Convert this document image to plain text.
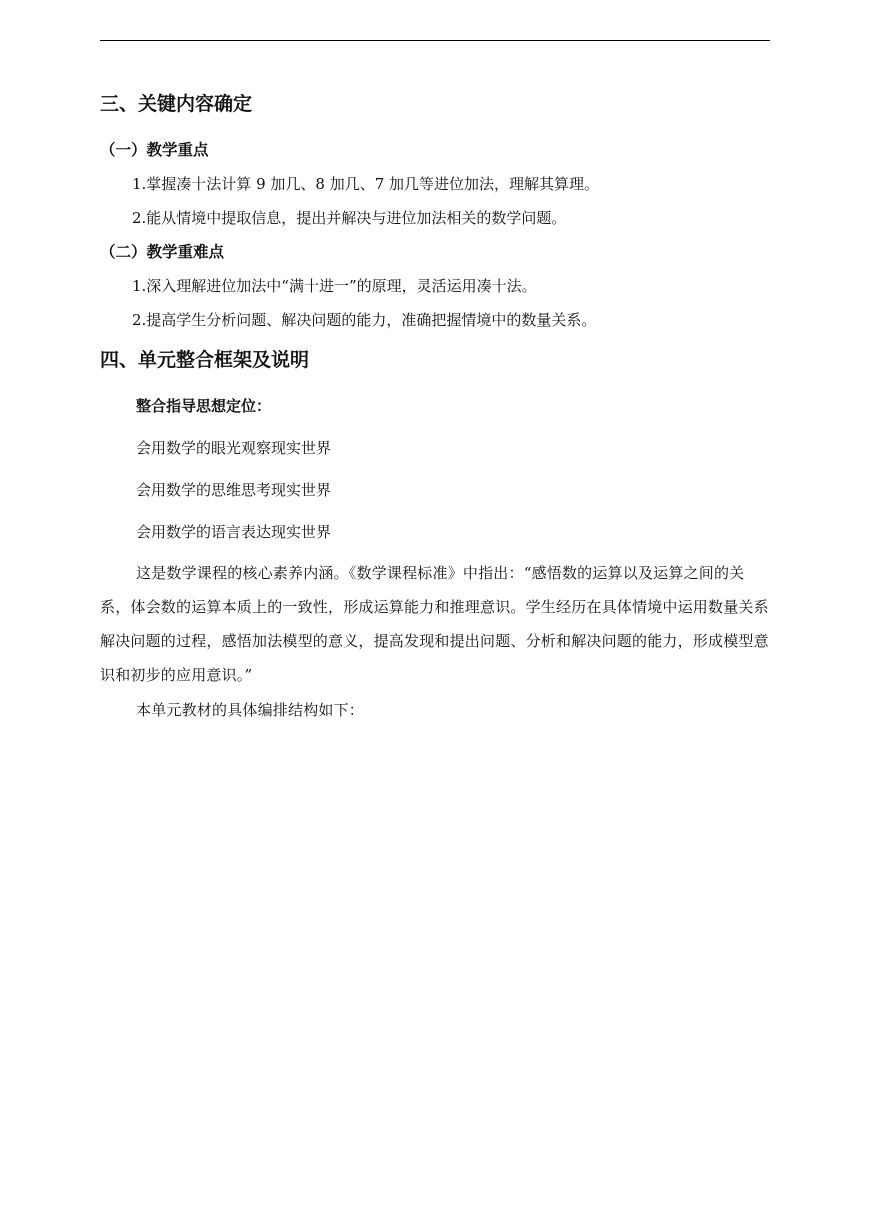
三、关键内容确定
（一）教学重点

1.掌握凑十法计算 9 加几、8 加几、7 加几等进位加法，理解其算理。

2.能从情境中提取信息，提出并解决与进位加法相关的数学问题。

（二）教学重难点

1.深入理解进位加法中“满十进一”的原理，灵活运用凑十法。

2.提高学生分析问题、解决问题的能力，准确把握情境中的数量关系。

四、单元整合框架及说明

整合指导思想定位：

会用数学的眼光观察现实世界

会用数学的思维思考现实世界

会用数学的语言表达现实世界

这是数学课程的核心素养内涵。《数学课程标准》中指出：“感悟数的运算以及运算之间的关系，体会数的运算本质上的一致性，形成运算能力和推理意识。学生经历在具体情境中运用数量关系解决问题的过程，感悟加法模型的意义，提高发现和提出问题、分析和解决问题的能力，形成模型意识和初步的应用意识。”

本单元教材的具体编排结构如下：
